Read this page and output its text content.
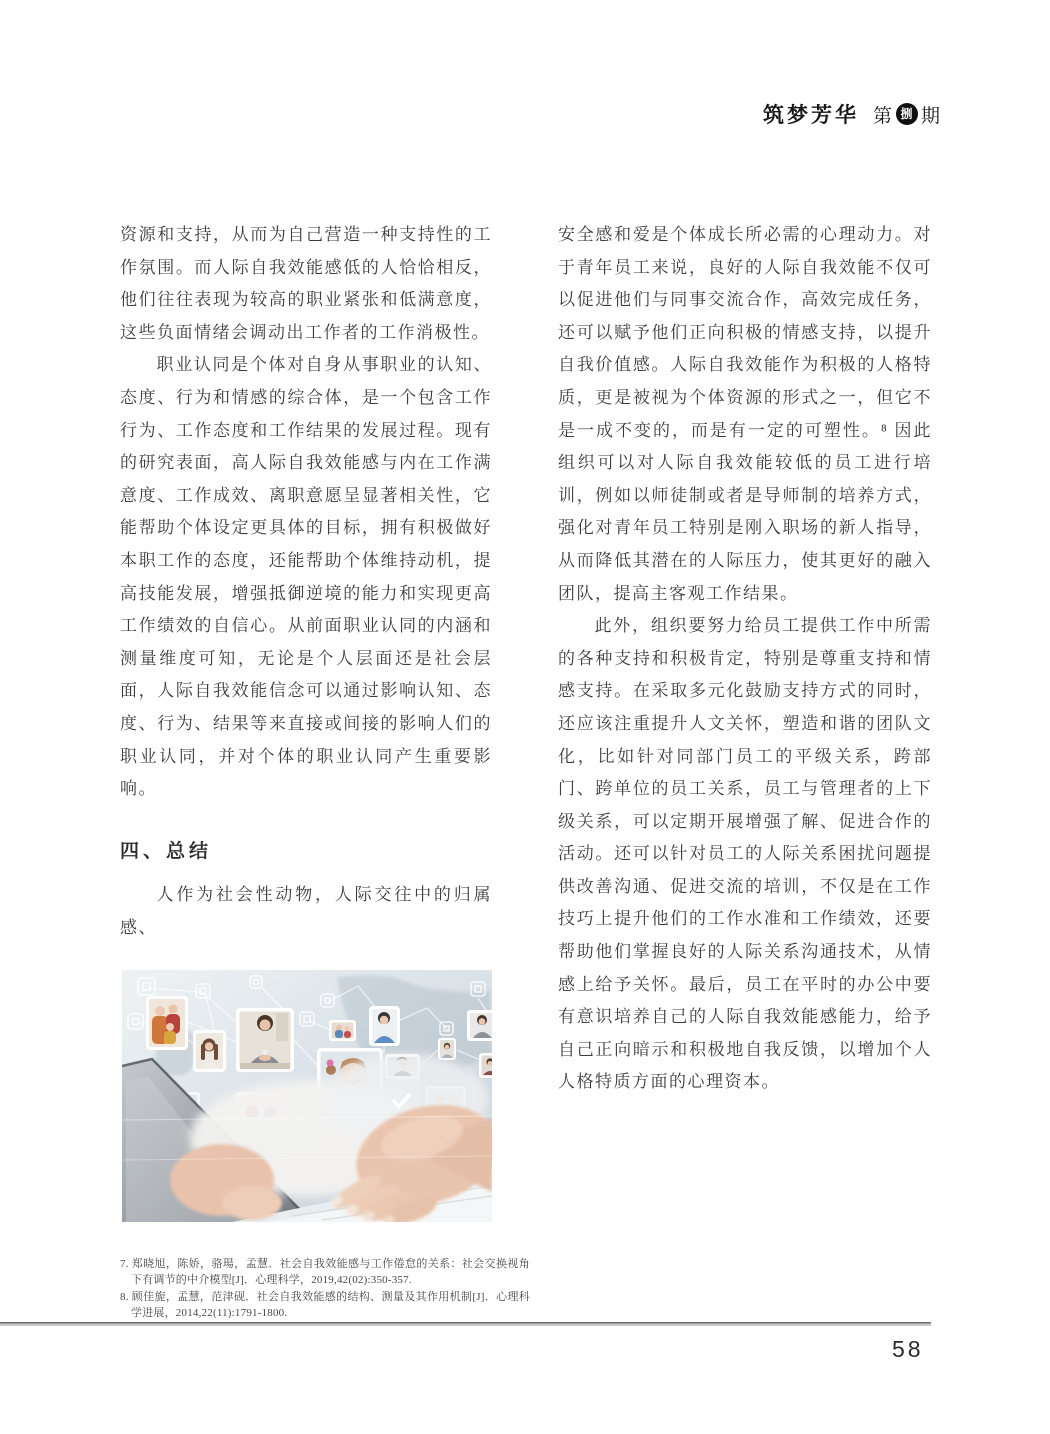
筑梦芳华 第 捌 期

资源和支持，从而为自己营造一种支持性的工作氛围。而人际自我效能感低的人恰恰相反，他们往往表现为较高的职业紧张和低满意度，这些负面情绪会调动出工作者的工作消极性。

职业认同是个体对自身从事职业的认知、态度、行为和情感的综合体，是一个包含工作行为、工作态度和工作结果的发展过程。现有的研究表面，高人际自我效能感与内在工作满意度、工作成效、离职意愿呈显著相关性，它能帮助个体设定更具体的目标，拥有积极做好本职工作的态度，还能帮助个体维持动机，提高技能发展，增强抵御逆境的能力和实现更高工作绩效的自信心。从前面职业认同的内涵和测量维度可知，无论是个人层面还是社会层面，人际自我效能信念可以通过影响认知、态度、行为、结果等来直接或间接的影响人们的职业认同，并对个体的职业认同产生重要影响。

四、总结

人作为社会性动物，人际交往中的归属感、

安全感和爱是个体成长所必需的心理动力。对于青年员工来说，良好的人际自我效能不仅可以促进他们与同事交流合作，高效完成任务，还可以赋予他们正向积极的情感支持，以提升自我价值感。人际自我效能作为积极的人格特质，更是被视为个体资源的形式之一，但它不是一成不变的，而是有一定的可塑性。⁸ 因此组织可以对人际自我效能较低的员工进行培训，例如以师徒制或者是导师制的培养方式，强化对青年员工特别是刚入职场的新人指导，从而降低其潜在的人际压力，使其更好的融入团队，提高主客观工作结果。

此外，组织要努力给员工提供工作中所需的各种支持和积极肯定，特别是尊重支持和情感支持。在采取多元化鼓励支持方式的同时，还应该注重提升人文关怀，塑造和谐的团队文化，比如针对同部门员工的平级关系，跨部门、跨单位的员工关系，员工与管理者的上下级关系，可以定期开展增强了解、促进合作的活动。还可以针对员工的人际关系困扰问题提供改善沟通、促进交流的培训，不仅是在工作技巧上提升他们的工作水准和工作绩效，还要帮助他们掌握良好的人际关系沟通技术，从情感上给予关怀。最后，员工在平时的办公中要有意识培养自己的人际自我效能感能力，给予自己正向暗示和积极地自我反馈，以增加个人人格特质方面的心理资本。

7. 郑晓旭，陈娇，骆瑒，孟慧．社会自我效能感与工作倦怠的关系：社会交换视角下有调节的中介模型[J]．心理科学，2019,42(02):350-357.

8. 顾佳旎，孟慧，范津砚．社会自我效能感的结构、测量及其作用机制[J]．心理科学进展，2014,22(11):1791-1800.

58
